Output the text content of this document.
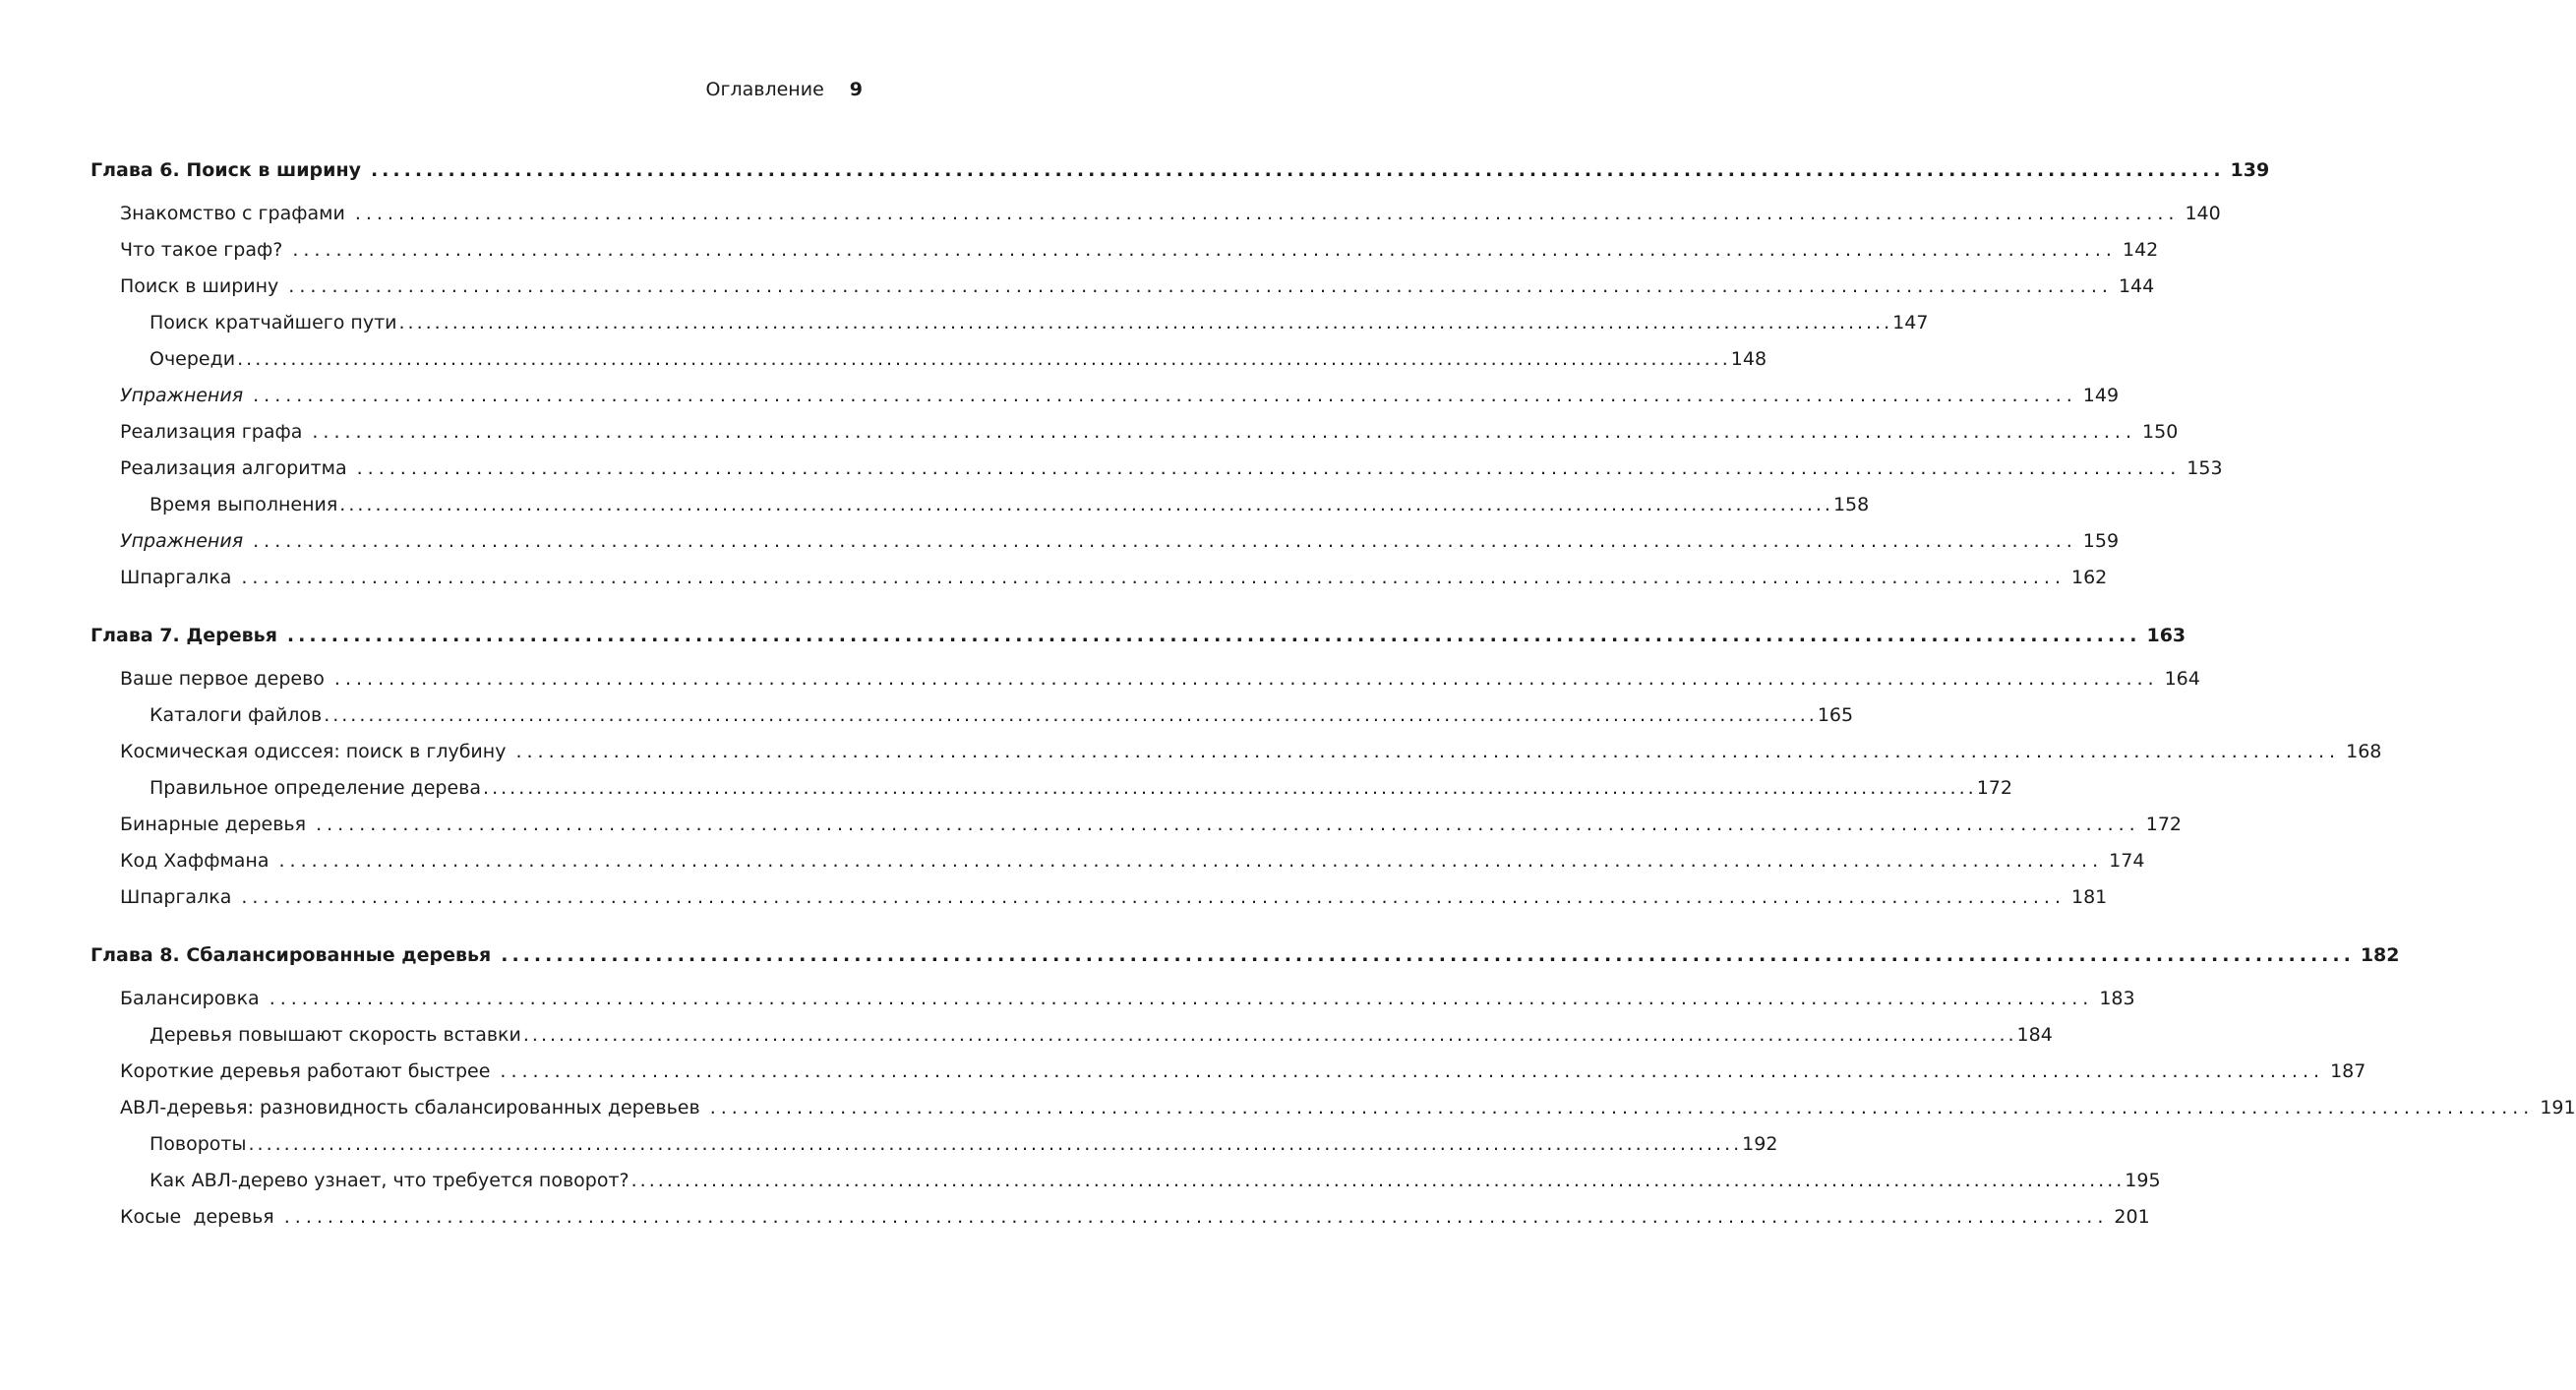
Оглавление 9
Глава 6. Поиск в ширину ........................................................................................................................................................................ 139
Знакомство с графами ........................................................................................................................................................................ 140
Что такое граф? ........................................................................................................................................................................ 142
Поиск в ширину ........................................................................................................................................................................ 144
Поиск кратчайшего пути ........................................................................................................................................................................ 147
Очереди ........................................................................................................................................................................ 148
Упражнения ........................................................................................................................................................................ 149
Реализация графа ........................................................................................................................................................................ 150
Реализация алгоритма ........................................................................................................................................................................ 153
Время выполнения ........................................................................................................................................................................ 158
Упражнения ........................................................................................................................................................................ 159
Шпаргалка ........................................................................................................................................................................ 162
Глава 7. Деревья ........................................................................................................................................................................ 163
Ваше первое дерево ........................................................................................................................................................................ 164
Каталоги файлов ........................................................................................................................................................................ 165
Космическая одиссея: поиск в глубину ........................................................................................................................................................................ 168
Правильное определение дерева ........................................................................................................................................................................ 172
Бинарные деревья ........................................................................................................................................................................ 172
Код Хаффмана ........................................................................................................................................................................ 174
Шпаргалка ........................................................................................................................................................................ 181
Глава 8. Сбалансированные деревья ........................................................................................................................................................................ 182
Балансировка ........................................................................................................................................................................ 183
Деревья повышают скорость вставки ........................................................................................................................................................................ 184
Короткие деревья работают быстрее ........................................................................................................................................................................ 187
АВЛ-деревья: разновидность сбалансированных деревьев ........................................................................................................................................................................ 191
Повороты ........................................................................................................................................................................ 192
Как АВЛ-дерево узнает, что требуется поворот? ........................................................................................................................................................................ 195
Косые  деревья ........................................................................................................................................................................ 201
